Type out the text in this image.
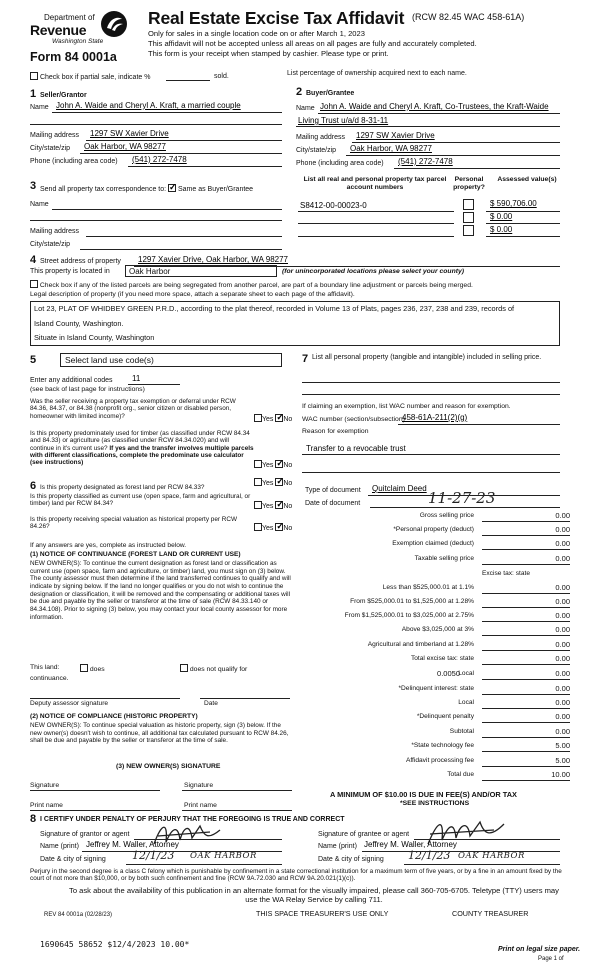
Department of
Revenue
Washington State
Form 84 0001a
Real Estate Excise Tax Affidavit (RCW 82.45 WAC 458-61A)
Only for sales in a single location code on or after March 1, 2023
This affidavit will not be accepted unless all areas on all pages are fully and accurately completed.
This form is your receipt when stamped by cashier. Please type or print.
Check box if partial sale, indicate %	sold.	List percentage of ownership acquired next to each name.
1 Seller/Grantor
Name John A. Waide and Cheryl A. Kraft, a married couple
Mailing address 1297 SW Xavier Drive
City/state/zip Oak Harbor, WA 98277
Phone (including area code) (541) 272-7478
2 Buyer/Grantee
Name John A. Waide and Cheryl A. Kraft, Co-Trustees, the Kraft-Waide
Living Trust u/a/d 8-31-11
Mailing address 1297 SW Xavier Drive
City/state/zip Oak Harbor, WA 98277
Phone (including area code) (541) 272-7478
3 Send all property tax correspondence to: ✓ Same as Buyer/Grantee
Name
Mailing address
City/state/zip
List all real and personal property tax parcel account numbers
Personal property?
Assessed value(s)
S8412-00-00023-0	$ 590,706.00
$ 0.00
$ 0.00
4 Street address of property 1297 Xavier Drive, Oak Harbor, WA 98277
This property is located in Oak Harbor	(for unincorporated locations please select your county)
Check box if any of the listed parcels are being segregated from another parcel, are part of a boundary line adjustment or parcels being merged.
Legal description of property (if you need more space, attach a separate sheet to each page of the affidavit).
Lot 23, PLAT OF WHIDBEY GREEN P.R.D., according to the plat thereof, recorded in Volume 13 of Plats, pages 236, 237, 238 and 239, records of
Island County, Washington.
Situate in Island County, Washington
5	Select land use code(s)
Enter any additional codes 11
(see back of last page for instructions)
Was the seller receiving a property tax exemption or deferral under RCW 84.36, 84.37, or 84.38 (nonprofit org., senior citizen or disabled person, homeowner with limited income)?	Yes ✓ No
Is this property predominately used for timber (as classified under RCW 84.34 and 84.33) or agriculture (as classified under RCW 84.34.020) and will continue in it's current use? If yes and the transfer involves multiple parcels with different classifications, complete the predominate use calculator (see instructions)	Yes ✓ No
7 List all personal property (tangible and intangible) included in selling price.
If claiming an exemption, list WAC number and reason for exemption.
WAC number (section/subsection)
458-61A-211(2)(g)
Reason for exemption
Transfer to a revocable trust
6 Is this property designated as forest land per RCW 84.33?
Yes ✓ No
Is this property classified as current use (open space, farm and agricultural, or timber) land per RCW 84.34?	Yes ✓ No
Is this property receiving special valuation as historical property per RCW 84.26?	Yes ✓ No
If any answers are yes, complete as instructed below.
(1) NOTICE OF CONTINUANCE (FOREST LAND OR CURRENT USE)
NEW OWNER(S): To continue the current designation as forest land or classification as current use (open space, farm and agriculture, or timber) land, you must sign on (3) below. The county assessor must then determine if the land transferred continues to qualify and will indicate by signing below. If the land no longer qualifies or you do not wish to continue the designation or classification, it will be removed and the compensating or additional taxes will be due and payable by the seller or transferor at the time of sale (RCW 84.33.140 or 84.34.108). Prior to signing (3) below, you may contact your local county assessor for more information.
This land:	does	does not qualify for
continuance.
Deputy assessor signature	Date
(2) NOTICE OF COMPLIANCE (HISTORIC PROPERTY)
NEW OWNER(S): To continue special valuation as historic property, sign (3) below. If the new owner(s) doesn't wish to continue, all additional tax calculated pursuant to RCW 84.26, shall be due and payable by the seller or transferor at the time of sale.
(3) NEW OWNER(S) SIGNATURE
Signature	Signature
Print name	Print name
Type of document Quitclaim Deed
Date of document	11-27-23
Gross selling price	0.00
*Personal property (deduct)	0.00
Exemption claimed (deduct)	0.00
Taxable selling price	0.00
Excise tax: state
Less than $525,000.01 at 1.1%	0.00
From $525,000.01 to $1,525,000 at 1.28%	0.00
From $1,525,000.01 to $3,025,000 at 2.75%	0.00
Above $3,025,000 at 3%	0.00
Agricultural and timberland at 1.28%	0.00
Total excise tax: state	0.00
Local
0.0050	0.00
*Delinquent interest: state	0.00
Local	0.00
*Delinquent penalty	0.00
Subtotal	0.00
*State technology fee	5.00
Affidavit processing fee	5.00
Total due	10.00
A MINIMUM OF $10.00 IS DUE IN FEE(S) AND/OR TAX
*SEE INSTRUCTIONS
8 I CERTIFY UNDER PENALTY OF PERJURY THAT THE FOREGOING IS TRUE AND CORRECT
Signature of grantor or agent
Name (print) Jeffrey M. Waller, Attorney
Date & city of signing 12/1/23 OAK HARBOR
Signature of grantee or agent
Name (print) Jeffrey M. Waller, Attorney
Date & city of signing 12/1/23 OAK HARBOR
Perjury in the second degree is a class C felony which is punishable by confinement in a state correctional institution for a maximum term of five years, or by a fine in an amount fixed by the court of not more than $10,000, or by both such confinement and fine (RCW 9A.72.030 and RCW 9A.20.021(1)(c)).
To ask about the availability of this publication in an alternate format for the visually impaired, please call 360-705-6705. Teletype (TTY) users may use the WA Relay Service by calling 711.
REV 84 0001a (02/28/23)	THIS SPACE TREASURER'S USE ONLY	COUNTY TREASURER
1690645 58652 $12/4/2023 10.00*
Print on legal size paper.
Page 1 of
